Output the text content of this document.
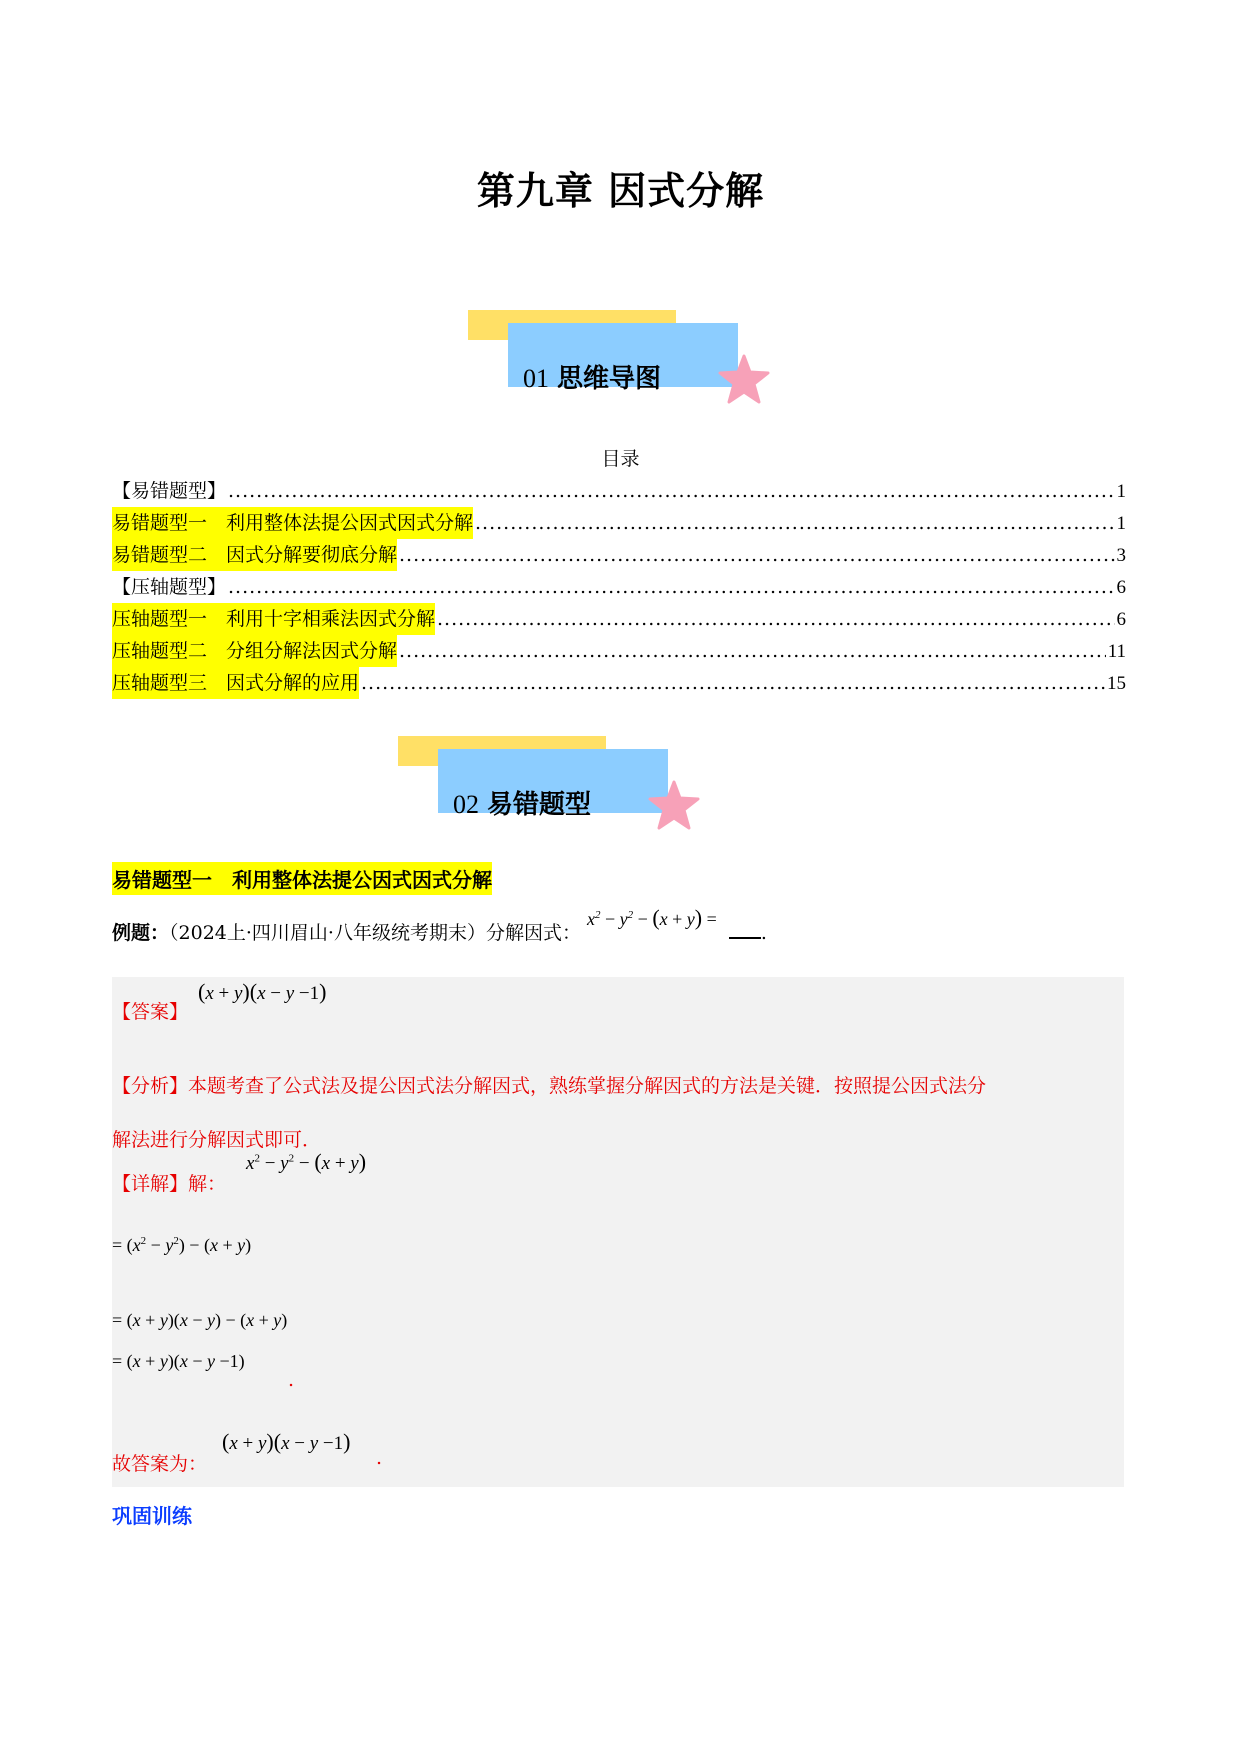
第九章 因式分解
01 思维导图
目录
【易错题型】 .....	1
易错题型一　利用整体法提公因式因式分解 .....	1
易错题型二　因式分解要彻底分解 .....	3
【压轴题型】 .....	6
压轴题型一　利用十字相乘法因式分解 .....	6
压轴题型二　分组分解法因式分解 .....	11
压轴题型三　因式分解的应用 .....	15
02 易错题型
易错题型一　利用整体法提公因式因式分解
例题：（2024上·四川眉山·八年级统考期末）分解因式： $x^2 - y^2 - (x + y)$ = .
【答案】
(x + y)(x − y −1)
【分析】本题考查了公式法及提公因式法分解因式，熟练掌握分解因式的方法是关键．按照提公因式法分
解法进行分解因式即可．
【详解】解：
$x^2 - y^2 - (x + y)$
= $(x^2 - y^2) - (x + y)$
= (x + y)(x − y) − (x + y)
= (x + y)(x − y −1)
.
故答案为：
(x + y)(x − y −1)
.
巩固训练
